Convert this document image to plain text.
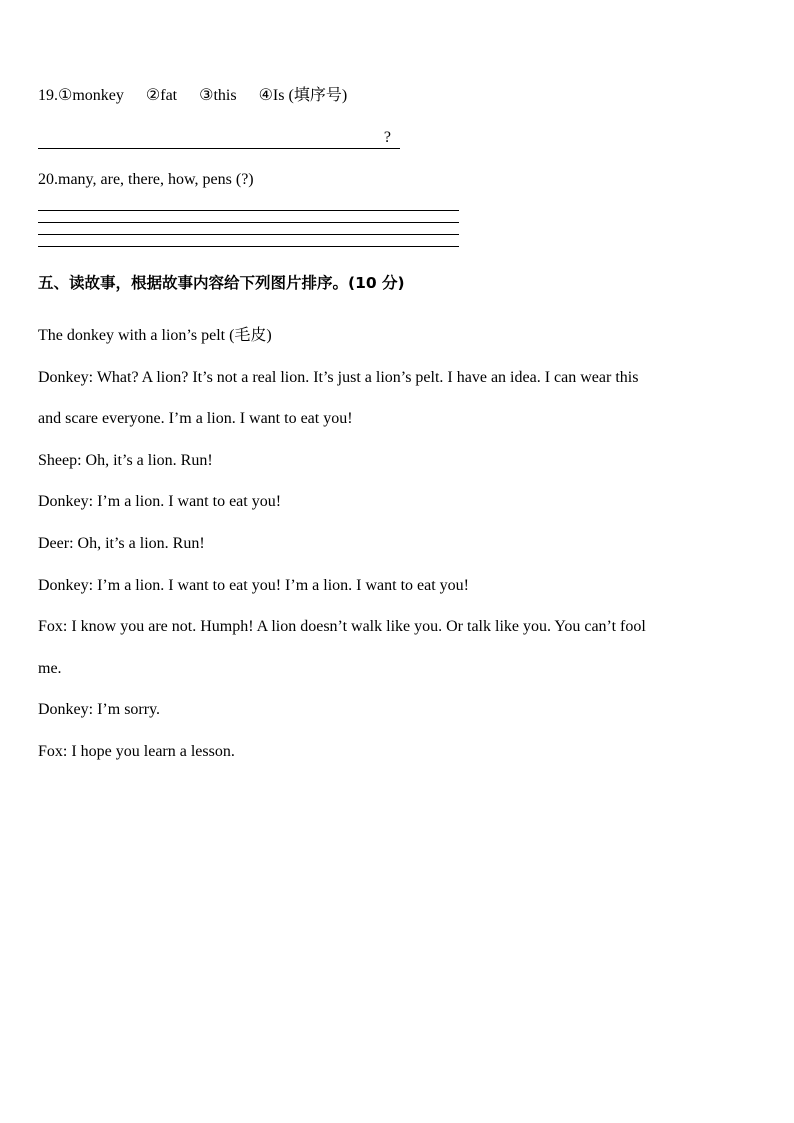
19.①monkey ②fat ③this ④Is (填序号)
?
20.many, are, there, how, pens (?)
五、读故事，根据故事内容给下列图片排序。(10 分)

The donkey with a lion’s pelt (毛皮)

Donkey: What? A lion? It’s not a real lion. It’s just a lion’s pelt. I have an idea. I can wear this

and scare everyone. I’m a lion. I want to eat you!

Sheep: Oh, it’s a lion. Run!

Donkey: I’m a lion. I want to eat you!

Deer: Oh, it’s a lion. Run!

Donkey: I’m a lion. I want to eat you! I’m a lion. I want to eat you!

Fox: I know you are not. Humph! A lion doesn’t walk like you. Or talk like you. You can’t fool

me.

Donkey: I’m sorry.

Fox: I hope you learn a lesson.
